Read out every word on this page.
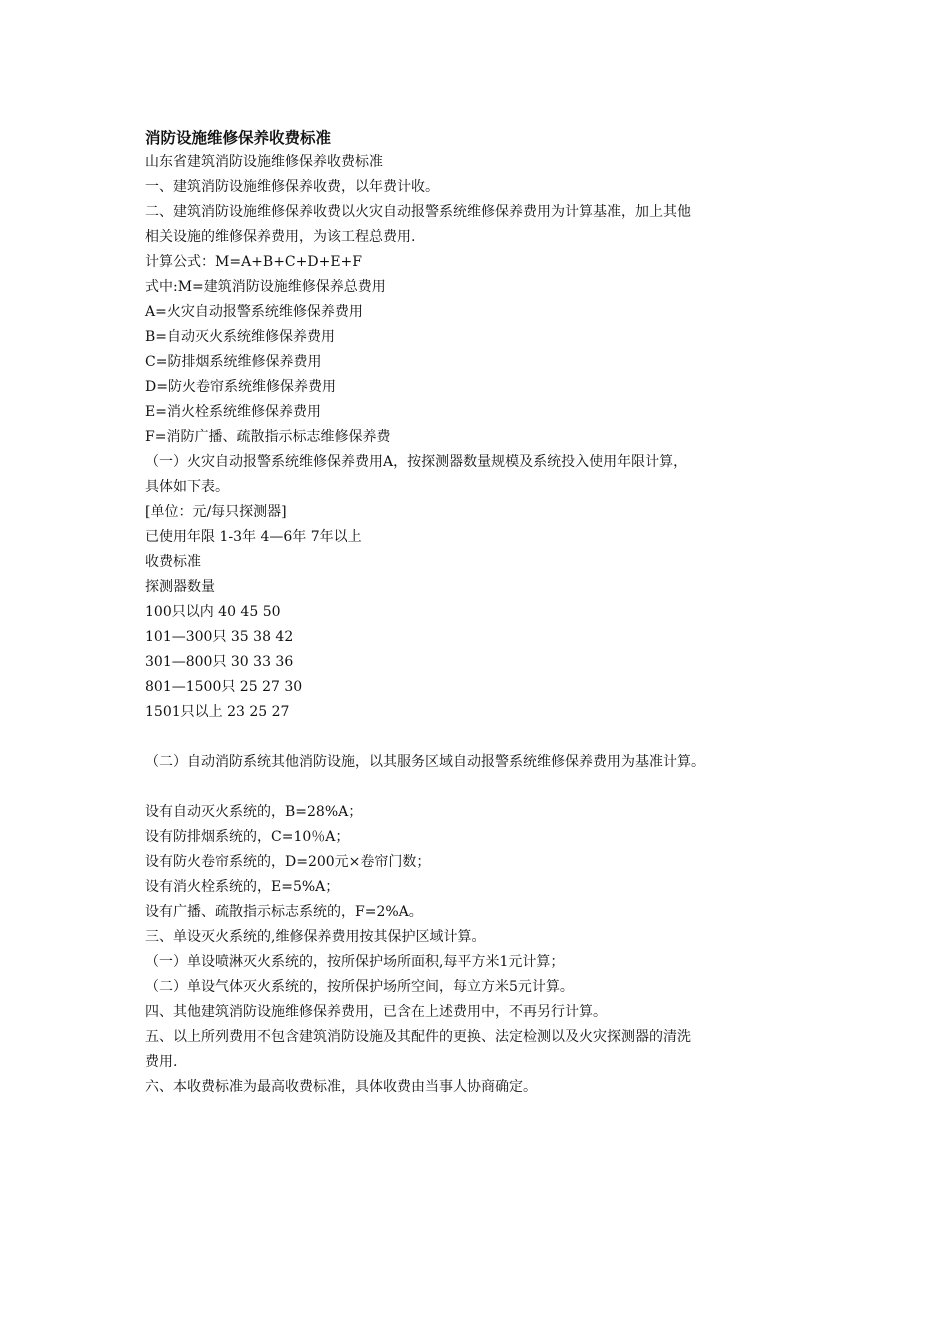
消防设施维修保养收费标准

山东省建筑消防设施维修保养收费标准

一、建筑消防设施维修保养收费，以年费计收。

二、建筑消防设施维修保养收费以火灾自动报警系统维修保养费用为计算基准，加上其他

相关设施的维修保养费用，为该工程总费用.

计算公式：M=A+B+C+D+E+F

式中:M=建筑消防设施维修保养总费用

A=火灾自动报警系统维修保养费用

B=自动灭火系统维修保养费用

C=防排烟系统维修保养费用

D=防火卷帘系统维修保养费用

E=消火栓系统维修保养费用

F=消防广播、疏散指示标志维修保养费

（一）火灾自动报警系统维修保养费用A，按探测器数量规模及系统投入使用年限计算，

具体如下表。

[单位：元/每只探测器]

已使用年限 1-3年 4—6年 7年以上

收费标准

探测器数量

100只以内 40 45 50

101—300只 35 38 42

301—800只 30 33 36

801—1500只 25 27 30

1501只以上 23 25 27

（二）自动消防系统其他消防设施，以其服务区域自动报警系统维修保养费用为基准计算。

设有自动灭火系统的，B=28%A；

设有防排烟系统的，C=10％A；

设有防火卷帘系统的，D=200元×卷帘门数；

设有消火栓系统的，E=5%A；

设有广播、疏散指示标志系统的，F=2%A。

三、单设灭火系统的,维修保养费用按其保护区域计算。

（一）单设喷淋灭火系统的，按所保护场所面积,每平方米1元计算；

（二）单设气体灭火系统的，按所保护场所空间，每立方米5元计算。

四、其他建筑消防设施维修保养费用，已含在上述费用中，不再另行计算。

五、以上所列费用不包含建筑消防设施及其配件的更换、法定检测以及火灾探测器的清洗

费用.

六、本收费标准为最高收费标准，具体收费由当事人协商确定。
